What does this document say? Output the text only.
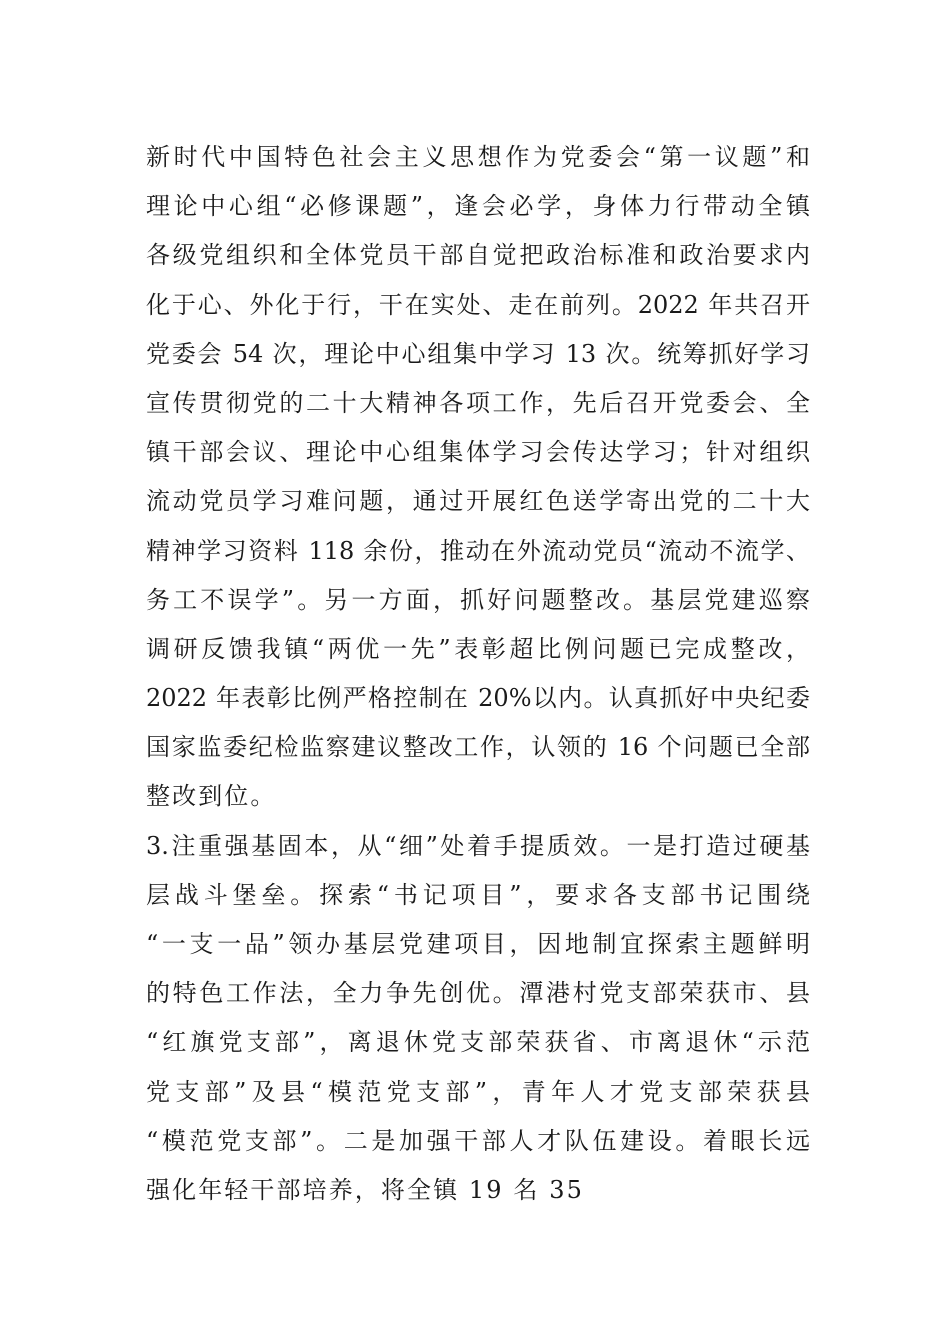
新时代中国特色社会主义思想作为党委会“第一议题”和
理论中心组“必修课题”，逢会必学，身体力行带动全镇
各级党组织和全体党员干部自觉把政治标准和政治要求内
化于心、外化于行，干在实处、走在前列。2022 年共召开
党委会 54 次，理论中心组集中学习 13 次。统筹抓好学习
宣传贯彻党的二十大精神各项工作，先后召开党委会、全
镇干部会议、理论中心组集体学习会传达学习；针对组织
流动党员学习难问题，通过开展红色送学寄出党的二十大
精神学习资料 118 余份，推动在外流动党员“流动不流学、
务工不误学”。另一方面，抓好问题整改。基层党建巡察
调研反馈我镇“两优一先”表彰超比例问题已完成整改，
2022 年表彰比例严格控制在 20%以内。认真抓好中央纪委
国家监委纪检监察建议整改工作，认领的 16 个问题已全部
整改到位。
3.注重强基固本，从“细”处着手提质效。一是打造过硬基
层战斗堡垒。探索“书记项目”，要求各支部书记围绕
“一支一品”领办基层党建项目，因地制宜探索主题鲜明
的特色工作法，全力争先创优。潭港村党支部荣获市、县
“红旗党支部”，离退休党支部荣获省、市离退休“示范
党支部”及县“模范党支部”，青年人才党支部荣获县
“模范党支部”。二是加强干部人才队伍建设。着眼长远
强化年轻干部培养，将全镇 19 名 35
